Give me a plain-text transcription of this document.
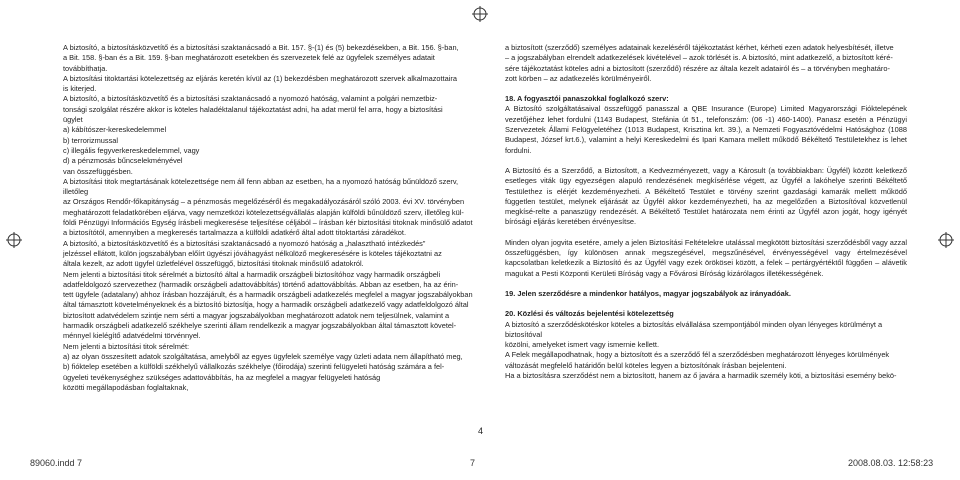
A biztosító, a biztosításközvetítő és a biztosítási szaktanácsadó a Bit. 157. §-(1) és (5) bekezdésekben, a Bit. 156. §-ban,

a Bit. 158. §-ban és a Bit. 159. §-ban meghatározott esetekben és szervezetek felé az ügyfelek személyes adatait

továbbíthatja.

A biztosítási titoktartási kötelezettség az eljárás keretén kívül az (1) bekezdésben meghatározott szervek alkalmazottaira

is kiterjed.

A biztosító, a biztosításközvetítő és a biztosítási szaktanácsadó a nyomozó hatóság, valamint a polgári nemzetbiz-

tonsági szolgálat részére akkor is köteles haladéktalanul tájékoztatást adni, ha adat merül fel arra, hogy a biztosítási

ügylet

a) kábítószer-kereskedelemmel

b) terrorizmussal

c) illegális fegyverkereskedelemmel, vagy

d) a pénzmosás bűncselekményével

van összefüggésben.

A biztosítási titok megtartásának kötelezettsége nem áll fenn abban az esetben, ha a nyomozó hatóság bűnüldöző szerv, illetőleg

az Országos Rendőr-főkapitányság – a pénzmosás megelőzéséről és megakadályozásáról szóló 2003. évi XV. törvényben

meghatározott feladatkörében eljárva, vagy nemzetközi kötelezettségvállalás alapján külföldi bűnüldöző szerv, illetőleg kül-

földi Pénzügyi Információs Egység írásbeli megkeresése teljesítése céljából – írásban kér biztosítási titoknak minősülő adatot

a biztosítótól, amennyiben a megkeresés tartalmazza a külföldi adatkérő által adott titoktartási záradékot.

A biztosító, a biztosításközvetítő és a biztosítási szaktanácsadó a nyomozó hatóság a „halasztható intézkedés”

jelzéssel ellátott, külön jogszabályban előírt ügyészi jóváhagyást nélkülöző megkeresésére is köteles tájékoztatni az

általa kezelt, az adott ügyfel üzletfelével összefüggő, biztosítási titoknak minősülő adatokról.

Nem jelenti a biztosítási titok sérelmét a biztosító által a harmadik országbeli biztosítóhoz vagy harmadik országbeli

adatfeldolgozó szervezethez (harmadik országbeli adattovábbítás) történő adattovábbítás. Abban az esetben, ha az érin-

tett ügyfele (adatalany) ahhoz írásban hozzájárult, és a harmadik országbeli adatkezelés megfelel a magyar jogszabályokban

által támasztott követelményeknek és a biztosító biztosítja, hogy a harmadik országbeli adatkezelő vagy adatfeldolgozó által

biztosított adatvédelem szintje nem sérti a magyar jogszabályokban meghatározott adatok nem teljesülnek, valamint a

harmadik országbeli adatkezelő székhelye szerinti állam rendelkezik a magyar jogszabályokban által támasztott követel-

ménnyel kielégítő adatvédelmi törvénnyel.

Nem jelenti a biztosítási titok sérelmét:

a) az olyan összesített adatok szolgáltatása, amelyből az egyes ügyfelek személye vagy üzleti adata nem állapítható meg,

b) fióktelep esetében a külföldi székhelyű vállalkozás székhelye (főirodája) szerinti felügyeleti hatóság számára a fel-

ügyeleti tevékenységhez szükséges adattovábbítás, ha az megfelel a magyar felügyeleti hatóság

közötti megállapodásban foglaltaknak,

a biztosított (szerződő) személyes adatainak kezeléséről tájékoztatást kérhet, kérheti ezen adatok helyesbítését, illetve

– a jogszabályban elrendelt adatkezelések kivételével – azok törlését is. A biztosító, mint adatkezelő, a biztosított kéré-

sére tájékoztatást köteles adni a biztosított (szerződő) részére az általa kezelt adatairól és – a törvényben meghatáro-

zott körben – az adatkezelés körülményeiről.

18. A fogyasztói panaszokkal foglalkozó szerv:

A Biztosító szolgáltatásaival összefüggő panasszal a QBE Insurance (Europe) Limited Magyarországi Fióktelepének vezetőjéhez lehet fordulni (1143 Budapest, Stefánia út 51., telefonszám: (06 -1) 460-1400). Panasz esetén a Pénzügyi Szervezetek Állami Felügyeletéhez (1013 Budapest, Krisztina krt. 39.), a Nemzeti Fogyasztóvédelmi Hatósághoz (1088 Budapest, József krt.6.), valamint a helyi Kereskedelmi és Ipari Kamara mellett működő Békéltető Testületekhez is lehet fordulni.

A Biztosító és a Szerződő, a Biztosított, a Kedvezményezett, vagy a Károsult (a továbbiakban: Ügyfél) között keletkező esetleges viták ügy egyezségen alapuló rendezésének megkísérlése végett, az Ügyfél a lakóhelye szerinti Békéltető Testülethez is elérjét kezdeményezheti. A Békéltető Testület e törvény szerint gazdasági kamarák mellett működő független testület, melynek eljárását az Ügyfél akkor kezdeményezheti, ha az megelőzően a Biztosítóval közvetlenül megkísé-relte a panaszügy rendezését. A Békéltető Testület határozata nem érinti az Ügyfél azon jogát, hogy igényét bírósági eljárás keretében érvényesítse.

Minden olyan jogvita esetére, amely a jelen Biztosítási Feltételekre utalással megkötött biztosítási szerződésből vagy azzal összefüggésben, így különösen annak megszegésével, megszűnésével, érvényességével vagy értelmezésével kapcsolatban keletkezik a Biztosító és az Ügyfél vagy ezek örökösei között, a felek – pertárgyértéktől függően – alávetik magukat a Pesti Központi Kerületi Bíróság vagy a Fővárosi Bíróság kizárólagos illetékességének.

19. Jelen szerződésre a mindenkor hatályos, magyar jogszabályok az irányadóak.

20. Közlési és változás bejelentési kötelezettség

A biztosító a szerződéskötéskor köteles a biztosítás elvállalása szempontjából minden olyan lényeges körülményt a biztosítóval

közölni, amelyeket ismert vagy ismernie kellett.

A Felek megállapodhatnak, hogy a biztosított és a szerződő fél a szerződésben meghatározott lényeges körülmények

változását megfelelő határidőn belül köteles legyen a biztosítónak írásban bejelenteni.

Ha a biztosításra szerződést nem a biztosított, hanem az ő javára a harmadik személy köti, a biztosítási esemény bekö-

4
89060.indd 7	7	2008.08.03. 12:58:23
